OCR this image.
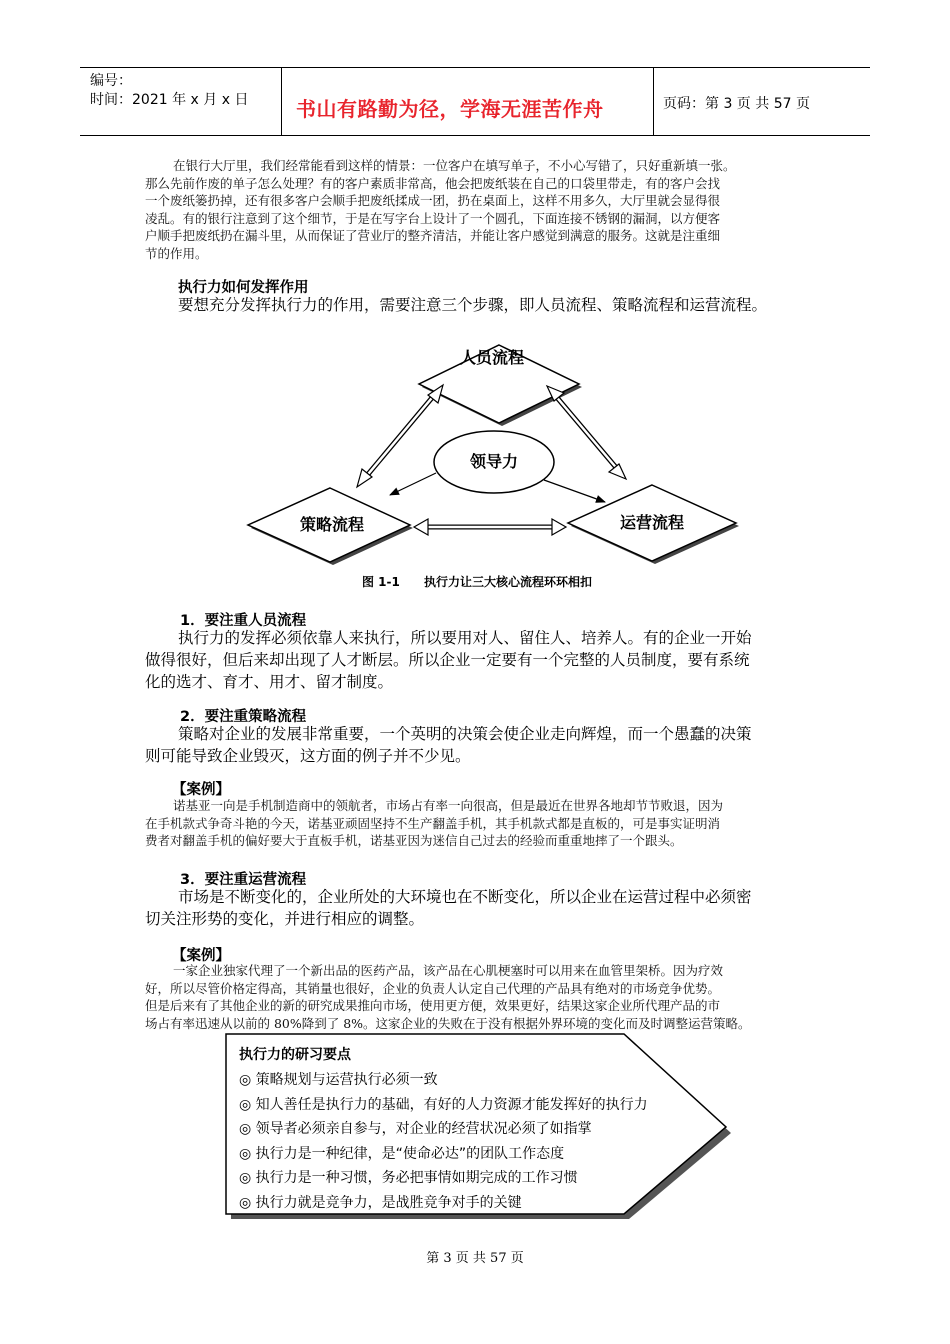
编号：
时间：2021 年 x 月 x 日 书山有路勤为径，学海无涯苦作舟	页码：第 3 页 共 57 页

在银行大厅里，我们经常能看到这样的情景：一位客户在填写单子，不小心写错了，只好重新填一张。

那么先前作废的单子怎么处理？有的客户素质非常高，他会把废纸装在自己的口袋里带走，有的客户会找

一个废纸篓扔掉，还有很多客户会顺手把废纸揉成一团，扔在桌面上，这样不用多久，大厅里就会显得很

凌乱。有的银行注意到了这个细节，于是在写字台上设计了一个圆孔，下面连接不锈钢的漏洞，以方便客

户顺手把废纸扔在漏斗里，从而保证了营业厅的整齐清洁，并能让客户感觉到满意的服务。这就是注重细

节的作用。

执行力如何发挥作用
要想充分发挥执行力的作用，需要注意三个步骤，即人员流程、策略流程和运营流程。
人员流程
策略流程	运营流程
领导力
图 1-1 执行力让三大核心流程环环相扣
1．要注重人员流程

执行力的发挥必须依靠人来执行，所以要用对人、留住人、培养人。有的企业一开始

做得很好，但后来却出现了人才断层。所以企业一定要有一个完整的人员制度，要有系统

化的选才、育才、用才、留才制度。

2．要注重策略流程

策略对企业的发展非常重要，一个英明的决策会使企业走向辉煌，而一个愚蠢的决策

则可能导致企业毁灭，这方面的例子并不少见。

【案例】

诺基亚一向是手机制造商中的领航者，市场占有率一向很高，但是最近在世界各地却节节败退，因为

在手机款式争奇斗艳的今天，诺基亚顽固坚持不生产翻盖手机，其手机款式都是直板的，可是事实证明消

费者对翻盖手机的偏好要大于直板手机，诺基亚因为迷信自己过去的经验而重重地摔了一个跟头。

3．要注重运营流程

市场是不断变化的，企业所处的大环境也在不断变化，所以企业在运营过程中必须密

切关注形势的变化，并进行相应的调整。

【案例】

一家企业独家代理了一个新出品的医药产品，该产品在心肌梗塞时可以用来在血管里架桥。因为疗效

好，所以尽管价格定得高，其销量也很好，企业的负责人认定自己代理的产品具有绝对的市场竞争优势。

但是后来有了其他企业的新的研究成果推向市场，使用更方便，效果更好，结果这家企业所代理产品的市

场占有率迅速从以前的 80%降到了 8%。这家企业的失败在于没有根据外界环境的变化而及时调整运营策略。

执行力的研习要点
◎ 策略规划与运营执行必须一致
◎ 知人善任是执行力的基础，有好的人力资源才能发挥好的执行力
◎ 领导者必须亲自参与，对企业的经营状况必须了如指掌
◎ 执行力是一种纪律，是“使命必达”的团队工作态度
◎ 执行力是一种习惯，务必把事情如期完成的工作习惯
◎ 执行力就是竞争力，是战胜竞争对手的关键
第 3 页 共 57 页
